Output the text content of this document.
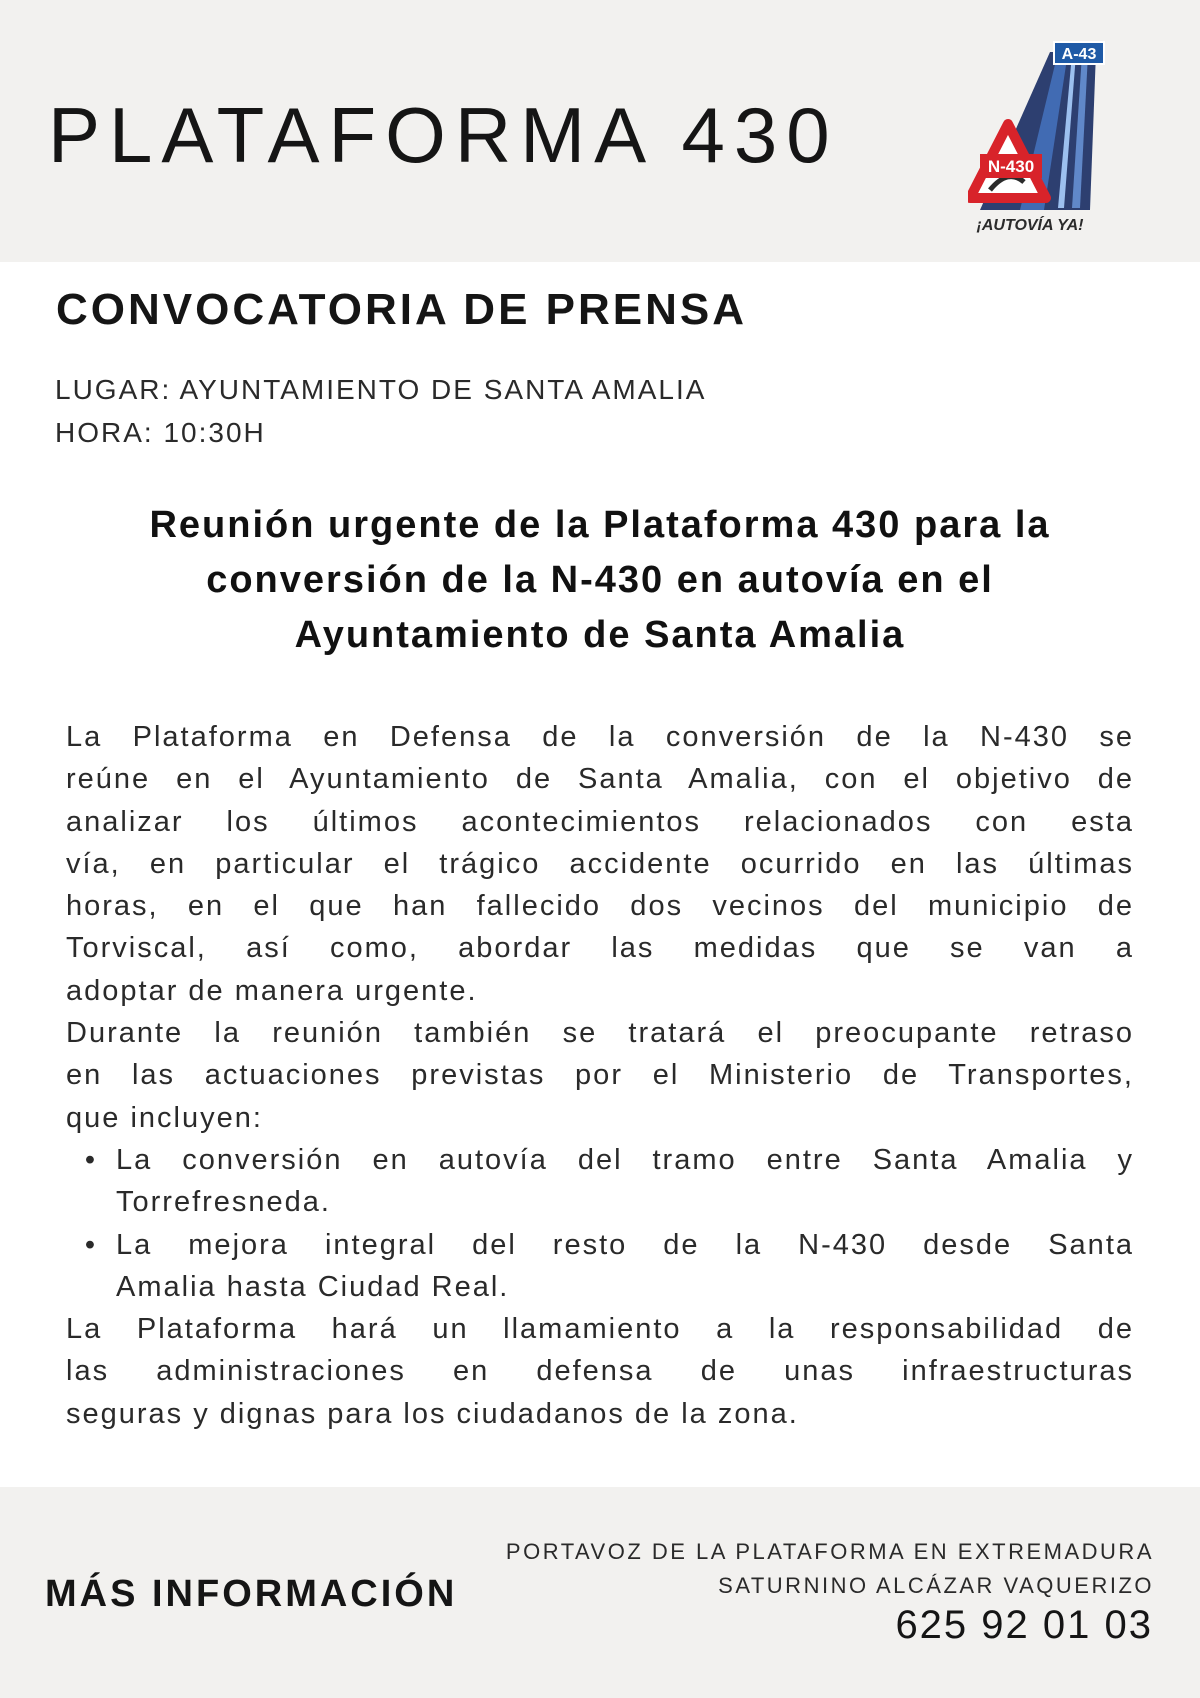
PLATAFORMA 430
A-43
N-430
¡AUTOVÍA YA!
CONVOCATORIA DE PRENSA
LUGAR: AYUNTAMIENTO DE SANTA AMALIA
HORA: 10:30H
Reunión urgente de la Plataforma 430 para la
conversión de la N-430 en autovía en el
Ayuntamiento de Santa Amalia
La Plataforma en Defensa de la conversión de la N-430 se
reúne en el Ayuntamiento de Santa Amalia, con el objetivo de
analizar los últimos acontecimientos relacionados con esta
vía, en particular el trágico accidente ocurrido en las últimas
horas, en el que han fallecido dos vecinos del municipio de
Torviscal, así como, abordar las medidas que se van a
adoptar de manera urgente.
Durante la reunión también se tratará el preocupante retraso
en las actuaciones previstas por el Ministerio de Transportes,
que incluyen:
• La conversión en autovía del tramo entre Santa Amalia y
Torrefresneda.
• La mejora integral del resto de la N-430 desde Santa
Amalia hasta Ciudad Real.
La Plataforma hará un llamamiento a la responsabilidad de
las administraciones en defensa de unas infraestructuras
seguras y dignas para los ciudadanos de la zona.
MÁS INFORMACIÓN
PORTAVOZ DE LA PLATAFORMA EN EXTREMADURA
SATURNINO ALCÁZAR VAQUERIZO
625 92 01 03
